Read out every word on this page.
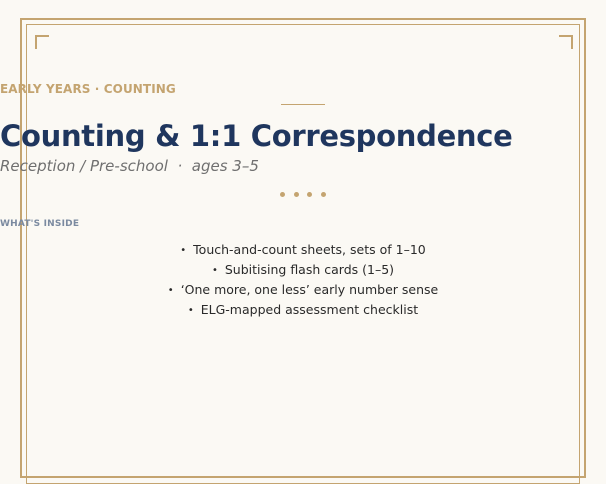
EARLY YEARS · COUNTING
Counting & 1:1 Correspondence
Reception / Pre-school  ·  ages 3–5
WHAT'S INSIDE
• Touch-and-count sheets, sets of 1–10
• Subitising flash cards (1–5)
• ‘One more, one less’ early number sense
• ELG-mapped assessment checklist
